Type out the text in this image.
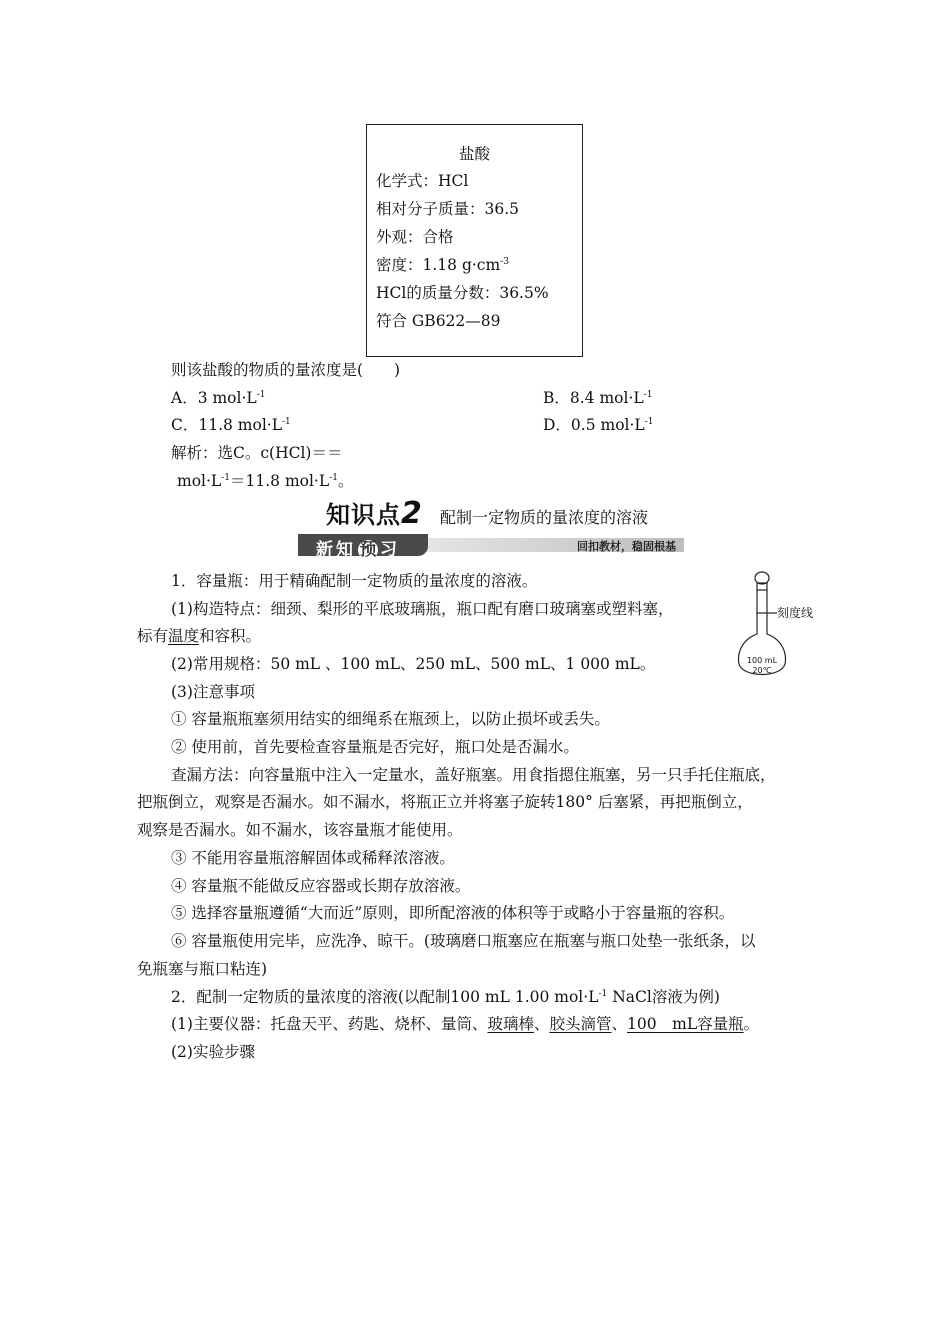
盐酸
化学式：HCl
相对分子质量：36.5
外观：合格
密度：1.18 $g\cdot cm^{-3}$
HCl的质量分数：36.5%
符合 GB622—89
则该盐酸的物质的量浓度是(　　)
A．3 $mol\cdot L^{-1}$	B．8.4 $mol\cdot L^{-1}$
C．11.8 $mol\cdot L^{-1}$	D．0.5 $mol\cdot L^{-1}$
解析：选C。c(HCl)＝＝
$mol\cdot L^{-1}=11.8$ $mol\cdot L^{-1}$。
知识点2 配制一定物质的量浓度的溶液
新知 预 习	回扣教材，稳固根基
刻度线
100 mL
20℃
1．容量瓶：用于精确配制一定物质的量浓度的溶液。
(1)构造特点：细颈、梨形的平底玻璃瓶，瓶口配有磨口玻璃塞或塑料塞，
标有温度和容积。
(2)常用规格：50 mL 、100 mL、250 mL、500 mL、1 000 mL。
(3)注意事项
① 容量瓶瓶塞须用结实的细绳系在瓶颈上，以防止损坏或丢失。
② 使用前，首先要检查容量瓶是否完好，瓶口处是否漏水。
查漏方法：向容量瓶中注入一定量水，盖好瓶塞。用食指摁住瓶塞，另一只手托住瓶底，
把瓶倒立，观察是否漏水。如不漏水，将瓶正立并将塞子旋转180° 后塞紧，再把瓶倒立，
观察是否漏水。如不漏水，该容量瓶才能使用。
③ 不能用容量瓶溶解固体或稀释浓溶液。
④ 容量瓶不能做反应容器或长期存放溶液。
⑤ 选择容量瓶遵循“大而近”原则，即所配溶液的体积等于或略小于容量瓶的容积。
⑥ 容量瓶使用完毕，应洗净、晾干。(玻璃磨口瓶塞应在瓶塞与瓶口处垫一张纸条，以
免瓶塞与瓶口粘连)
2．配制一定物质的量浓度的溶液(以配制100 mL 1.00 $mol\cdot L^{-1}$ NaCl溶液为例)
(1)主要仪器：托盘天平、药匙、烧杯、量筒、玻璃棒、胶头滴管、100　mL容量瓶。
(2)实验步骤
